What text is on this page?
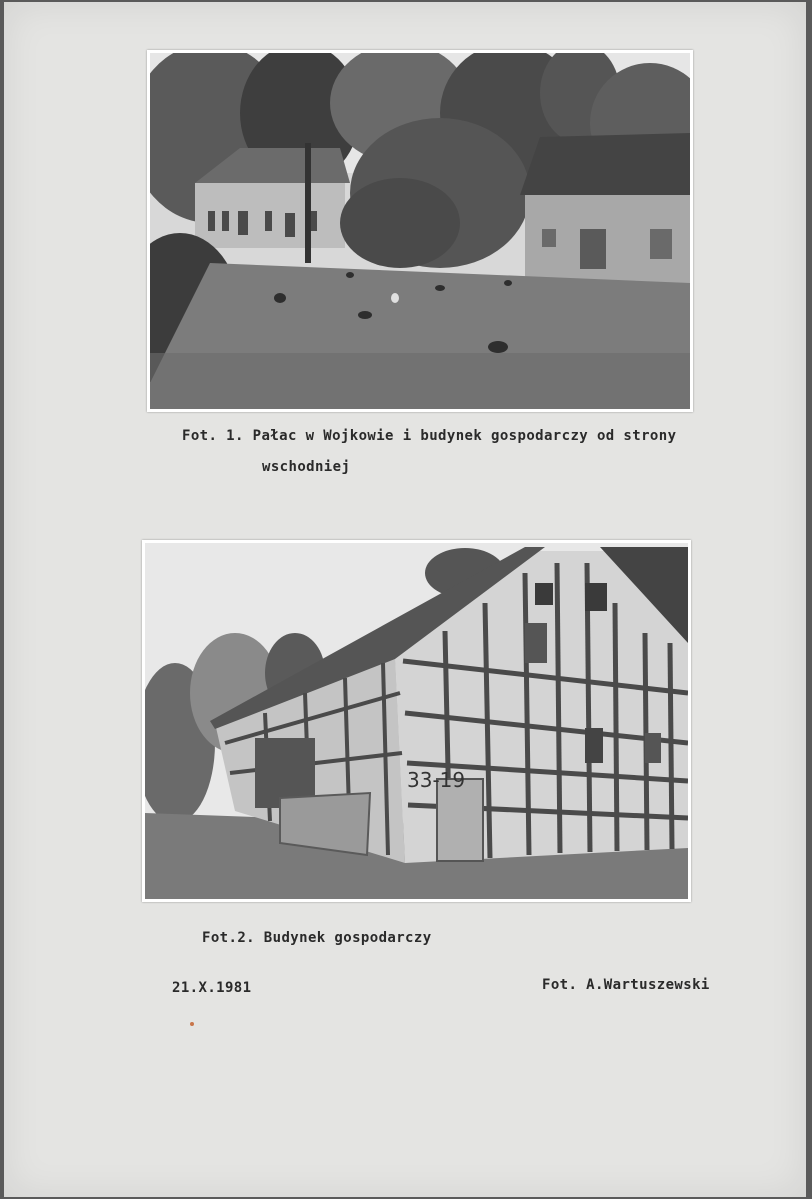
Fot. 1. Pałac w Wojkowie i budynek gospodarczy od strony
wschodniej
33-19
Fot.2. Budynek gospodarczy
21.X.1981	Fot. A.Wartuszewski
